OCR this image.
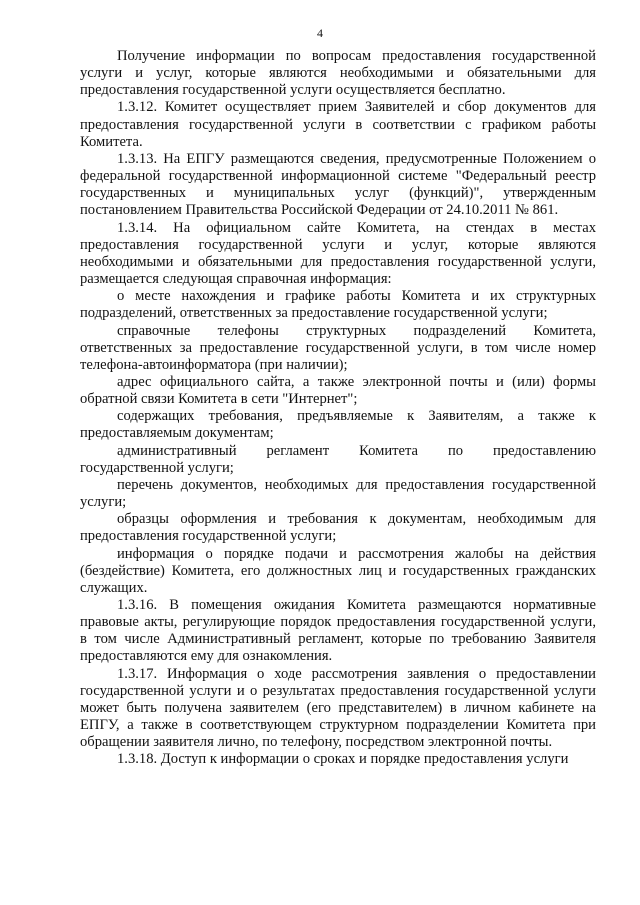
4

Получение информации по вопросам предоставления государственной услуги и услуг, которые являются необходимыми и обязательными для предоставления государственной услуги осуществляется бесплатно.

1.3.12. Комитет осуществляет прием Заявителей и сбор документов для предоставления государственной услуги в соответствии с графиком работы Комитета.

1.3.13. На ЕПГУ размещаются сведения, предусмотренные Положением о федеральной государственной информационной системе "Федеральный реестр государственных и муниципальных услуг (функций)", утвержденным постановлением Правительства Российской Федерации от 24.10.2011 № 861.

1.3.14. На официальном сайте Комитета, на стендах в местах предоставления государственной услуги и услуг, которые являются необходимыми и обязательными для предоставления государственной услуги, размещается следующая справочная информация:

о месте нахождения и графике работы Комитета и их структурных подразделений, ответственных за предоставление государственной услуги;

справочные телефоны структурных подразделений Комитета, ответственных за предоставление государственной услуги, в том числе номер телефона-автоинформатора (при наличии);

адрес официального сайта, а также электронной почты и (или) формы обратной связи Комитета в сети "Интернет";

содержащих требования, предъявляемые к Заявителям, а также к предоставляемым документам;

административный регламент Комитета по предоставлению государственной услуги;

перечень документов, необходимых для предоставления государственной услуги;

образцы оформления и требования к документам, необходимым для предоставления государственной услуги;

информация о порядке подачи и рассмотрения жалобы на действия (бездействие) Комитета, его должностных лиц и государственных гражданских служащих.

1.3.16. В помещения ожидания Комитета размещаются нормативные правовые акты, регулирующие порядок предоставления государственной услуги, в том числе Административный регламент, которые по требованию Заявителя предоставляются ему для ознакомления.

1.3.17. Информация о ходе рассмотрения заявления о предоставлении государственной услуги и о результатах предоставления государственной услуги может быть получена заявителем (его представителем) в личном кабинете на ЕПГУ, а также в соответствующем структурном подразделении Комитета при обращении заявителя лично, по телефону, посредством электронной почты.

1.3.18. Доступ к информации о сроках и порядке предоставления услуги
